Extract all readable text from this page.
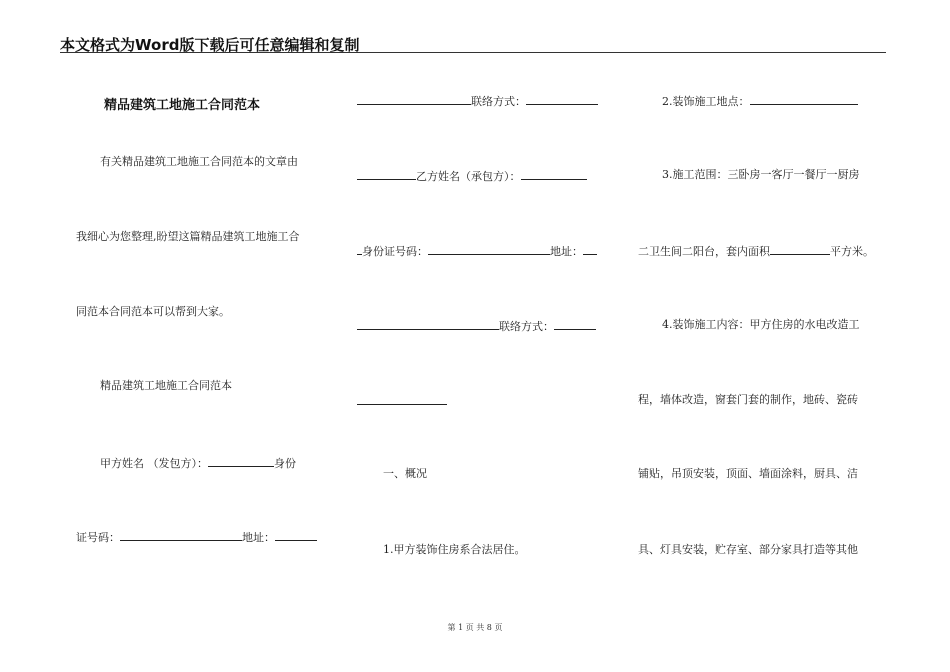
本文格式为Word版下载后可任意编辑和复制
精品建筑工地施工合同范本
有关精品建筑工地施工合同范本的文章由
我细心为您整理,盼望这篇精品建筑工地施工合
同范本合同范本可以帮到大家。
精品建筑工地施工合同范本
甲方姓名 （发包方）：	身份
证号码：	地址：
联络方式：
乙方姓名（承包方）：
身份证号码：	地址：
联络方式：
一、概况
1.甲方装饰住房系合法居住。
2.装饰施工地点：
3.施工范围：三卧房一客厅一餐厅一厨房
二卫生间二阳台，套内面积	平方米。
4.装饰施工内容：甲方住房的水电改造工
程，墙体改造，窗套门套的制作，地砖、瓷砖
铺贴，吊顶安装，顶面、墙面涂料，厨具、洁
具、灯具安装，贮存室、部分家具打造等其他
第 1 页 共 8 页
